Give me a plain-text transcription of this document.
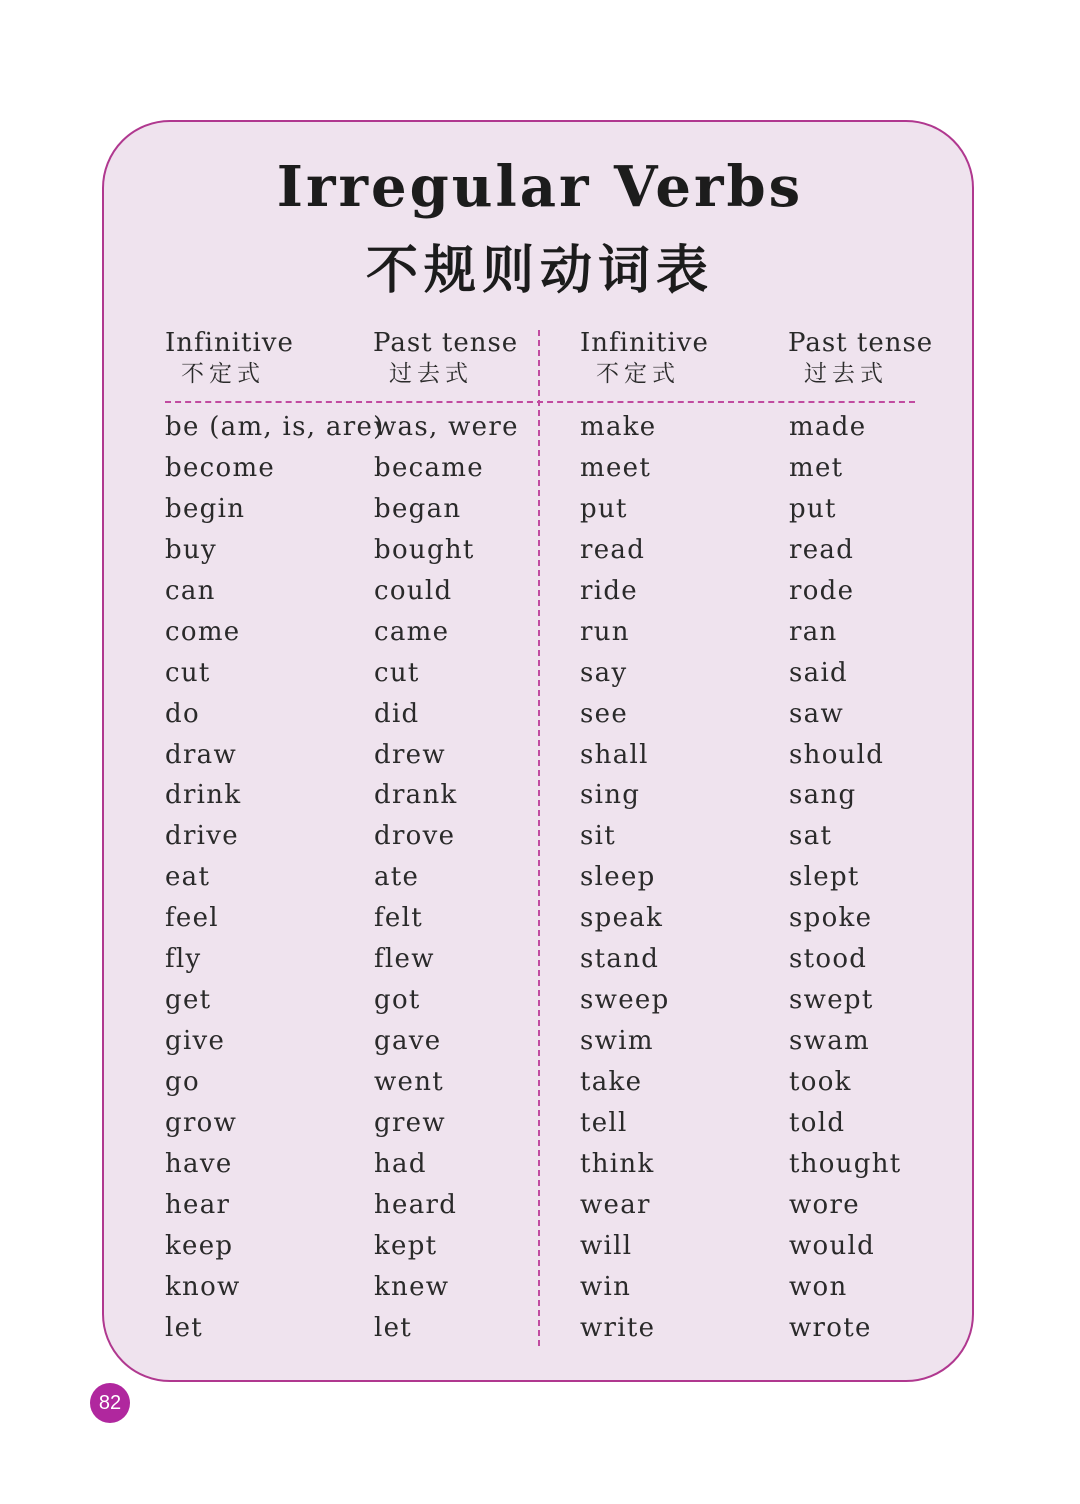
Irregular Verbs
不规则动词表
Infinitive
不定式
Past tense
过去式
Infinitive
不定式
Past tense
过去式
be (am, is, are)
become
begin
buy
can
come
cut
do
draw
drink
drive
eat
feel
fly
get
give
go
grow
have
hear
keep
know
let
was, were
became
began
bought
could
came
cut
did
drew
drank
drove
ate
felt
flew
got
gave
went
grew
had
heard
kept
knew
let
make
meet
put
read
ride
run
say
see
shall
sing
sit
sleep
speak
stand
sweep
swim
take
tell
think
wear
will
win
write
made
met
put
read
rode
ran
said
saw
should
sang
sat
slept
spoke
stood
swept
swam
took
told
thought
wore
would
won
wrote
82
